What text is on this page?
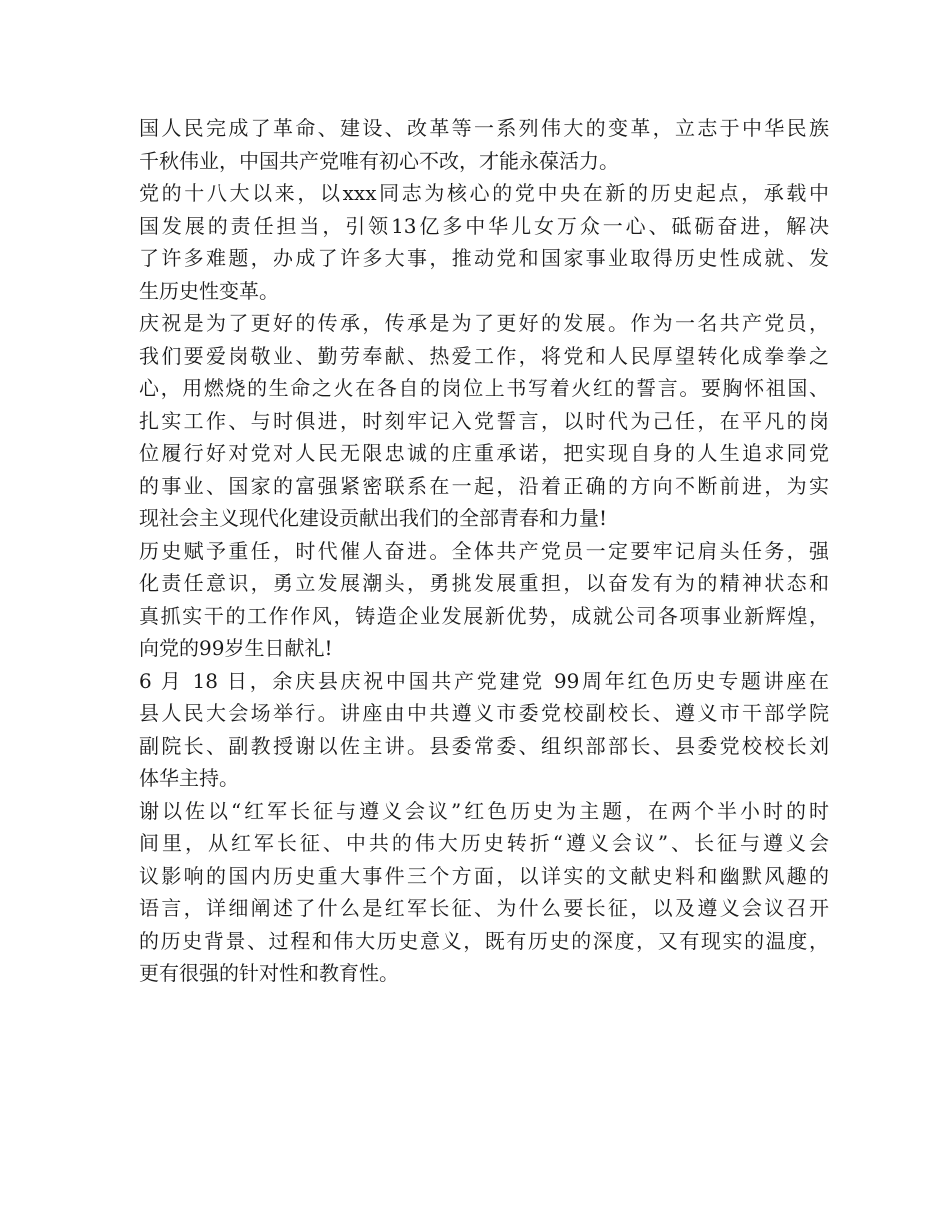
国人民完成了革命、建设、改革等一系列伟大的变革，立志于中华民族
千秋伟业，中国共产党唯有初心不改，才能永葆活力。
党的十八大以来，以xxx同志为核心的党中央在新的历史起点，承载中
国发展的责任担当，引领13亿多中华儿女万众一心、砥砺奋进，解决
了许多难题，办成了许多大事，推动党和国家事业取得历史性成就、发
生历史性变革。
庆祝是为了更好的传承，传承是为了更好的发展。作为一名共产党员，
我们要爱岗敬业、勤劳奉献、热爱工作，将党和人民厚望转化成拳拳之
心，用燃烧的生命之火在各自的岗位上书写着火红的誓言。要胸怀祖国、
扎实工作、与时俱进，时刻牢记入党誓言，以时代为己任，在平凡的岗
位履行好对党对人民无限忠诚的庄重承诺，把实现自身的人生追求同党
的事业、国家的富强紧密联系在一起，沿着正确的方向不断前进，为实
现社会主义现代化建设贡献出我们的全部青春和力量!
历史赋予重任，时代催人奋进。全体共产党员一定要牢记肩头任务，强
化责任意识，勇立发展潮头，勇挑发展重担，以奋发有为的精神状态和
真抓实干的工作作风，铸造企业发展新优势，成就公司各项事业新辉煌，
向党的99岁生日献礼!
6 月 18 日，余庆县庆祝中国共产党建党 99周年红色历史专题讲座在
县人民大会场举行。讲座由中共遵义市委党校副校长、遵义市干部学院
副院长、副教授谢以佐主讲。县委常委、组织部部长、县委党校校长刘
体华主持。
谢以佐以“红军长征与遵义会议”红色历史为主题，在两个半小时的时
间里，从红军长征、中共的伟大历史转折“遵义会议”、长征与遵义会
议影响的国内历史重大事件三个方面，以详实的文献史料和幽默风趣的
语言，详细阐述了什么是红军长征、为什么要长征，以及遵义会议召开
的历史背景、过程和伟大历史意义，既有历史的深度，又有现实的温度，
更有很强的针对性和教育性。
